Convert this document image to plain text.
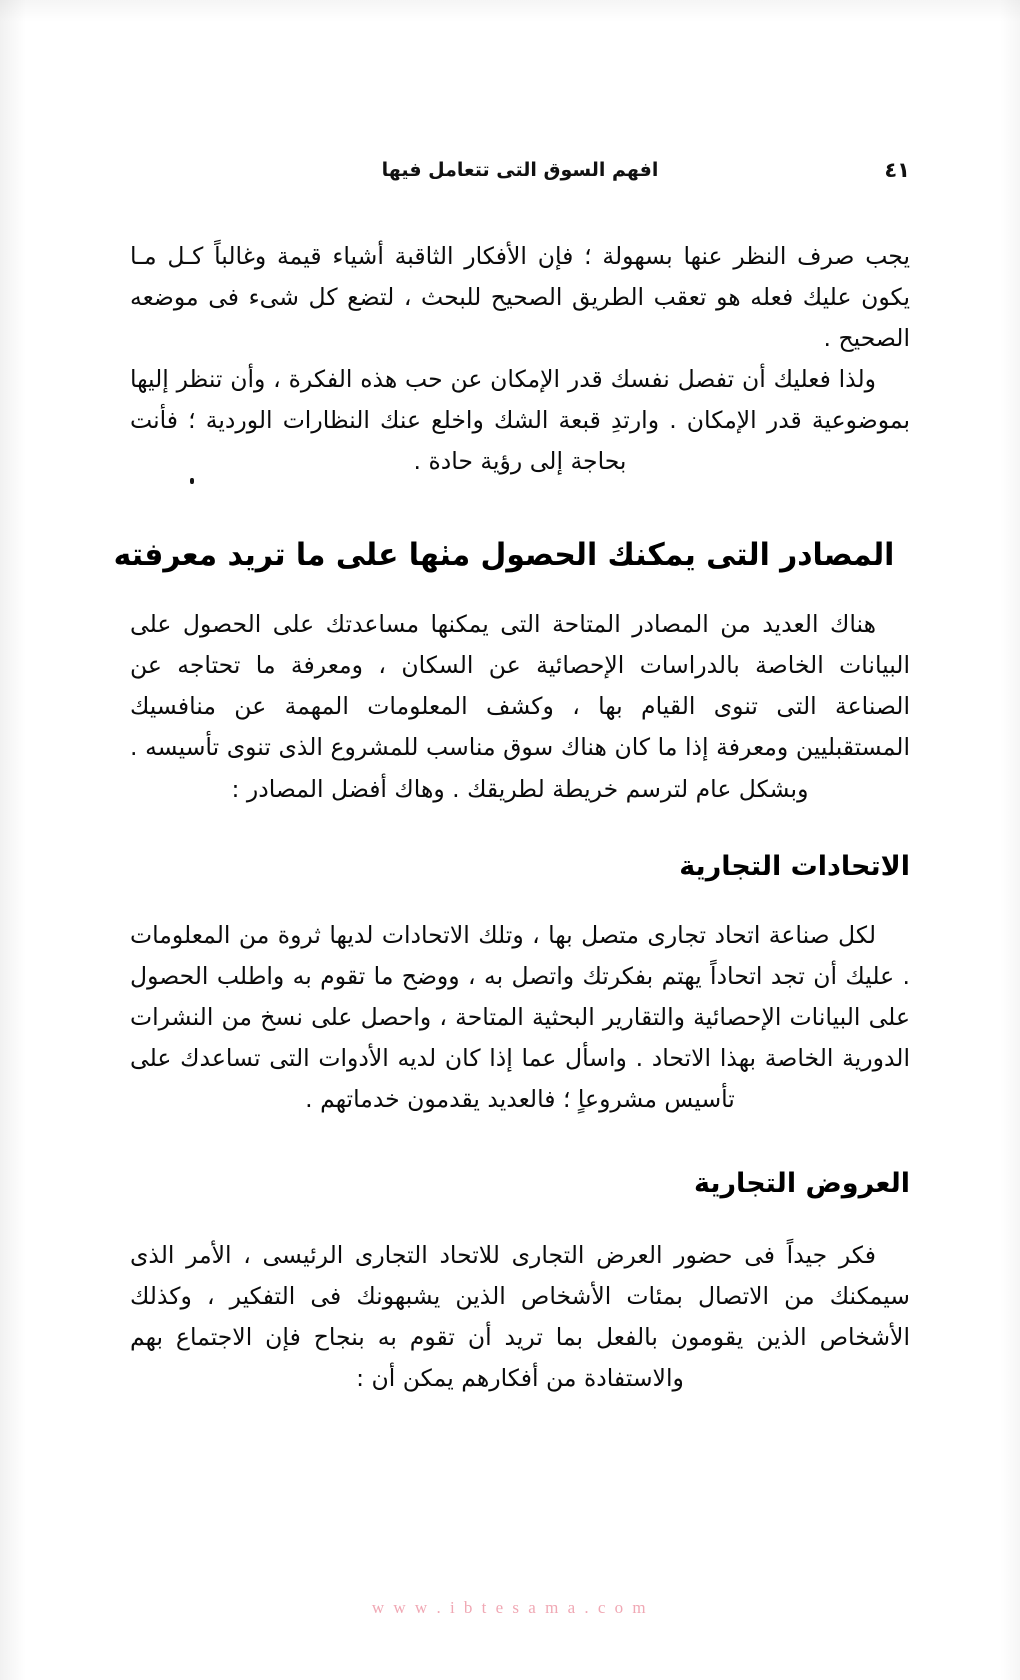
٤١
افهم السوق التى تتعامل فيها

يجب صرف النظر عنها بسهولة ؛ فإن الأفكار الثاقبة أشياء قيمة وغالباً كـل مـا يكون عليك فعله هو تعقب الطريق الصحيح للبحث ، لتضع كل شىء فى موضعه الصحيح .

ولذا فعليك أن تفصل نفسك قدر الإمكان عن حب هذه الفكرة ، وأن تنظر إليها بموضوعية قدر الإمكان . وارتدِ قبعة الشك واخلع عنك النظارات الوردية ؛ فأنت بحاجة إلى رؤية حادة .

المصادر التى يمكنك الحصول منها على ما تريد معرفته

هناك العديد من المصادر المتاحة التى يمكنها مساعدتك على الحصول على البيانات الخاصة بالدراسات الإحصائية عن السكان ، ومعرفة ما تحتاجه عن الصناعة التى تنوى القيام بها ، وكشف المعلومات المهمة عن منافسيك المستقبليين ومعرفة إذا ما كان هناك سوق مناسب للمشروع الذى تنوى تأسيسه .

وبشكل عام لترسم خريطة لطريقك . وهاك أفضل المصادر :

الاتحادات التجارية

لكل صناعة اتحاد تجارى متصل بها ، وتلك الاتحادات لديها ثروة من المعلومات . عليك أن تجد اتحاداً يهتم بفكرتك واتصل به ، ووضح ما تقوم به واطلب الحصول على البيانات الإحصائية والتقارير البحثية المتاحة ، واحصل على نسخ من النشرات الدورية الخاصة بهذا الاتحاد . واسأل عما إذا كان لديه الأدوات التى تساعدك على تأسيس مشروعاٍ ؛ فالعديد يقدمون خدماتهم .

العروض التجارية

فكر جيداً فى حضور العرض التجارى للاتحاد التجارى الرئيسى ، الأمر الذى سيمكنك من الاتصال بمئات الأشخاص الذين يشبهونك فى التفكير ، وكذلك الأشخاص الذين يقومون بالفعل بما تريد أن تقوم به بنجاح فإن الاجتماع بهم والاستفادة من أفكارهم يمكن أن :

w w w . i b t e s a m a . c o m
